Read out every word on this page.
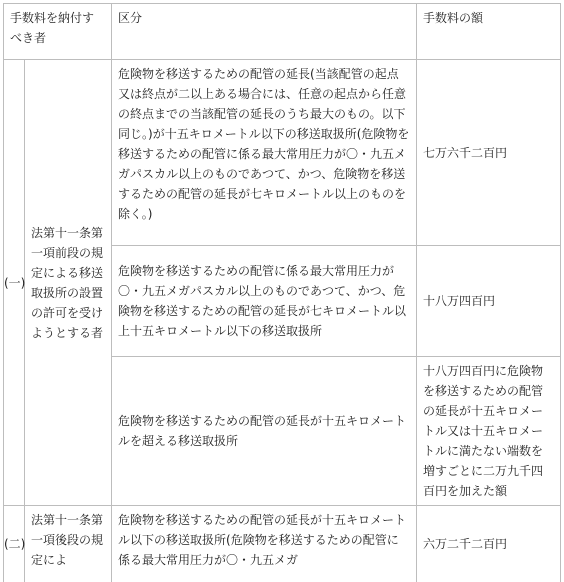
手数料を納付すべき者		区分	手数料の額
(一)	法第十一条第一項前段の規定による移送取扱所の設置の許可を受けようとする者	危険物を移送するための配管の延長(当該配管の起点又は終点が二以上ある場合には、任意の起点から任意の終点までの当該配管の延長のうち最大のもの。以下同じ。)が十五キロメートル以下の移送取扱所(危険物を移送するための配管に係る最大常用圧力が〇・九五メガパスカル以上のものであつて、かつ、危険物を移送するための配管の延長が七キロメートル以上のものを除く。)	七万六千二百円
		危険物を移送するための配管に係る最大常用圧力が〇・九五メガパスカル以上のものであつて、かつ、危険物を移送するための配管の延長が七キロメートル以上十五キロメートル以下の移送取扱所	十八万四百円
		危険物を移送するための配管の延長が十五キロメートルを超える移送取扱所	十八万四百円に危険物を移送するための配管の延長が十五キロメートル又は十五キロメートルに満たない端数を増すごとに二万九千四百円を加えた額
(二)	法第十一条第一項後段の規定によ	危険物を移送するための配管の延長が十五キロメートル以下の移送取扱所(危険物を移送するための配管に係る最大常用圧力が〇・九五メガ	六万二千二百円
